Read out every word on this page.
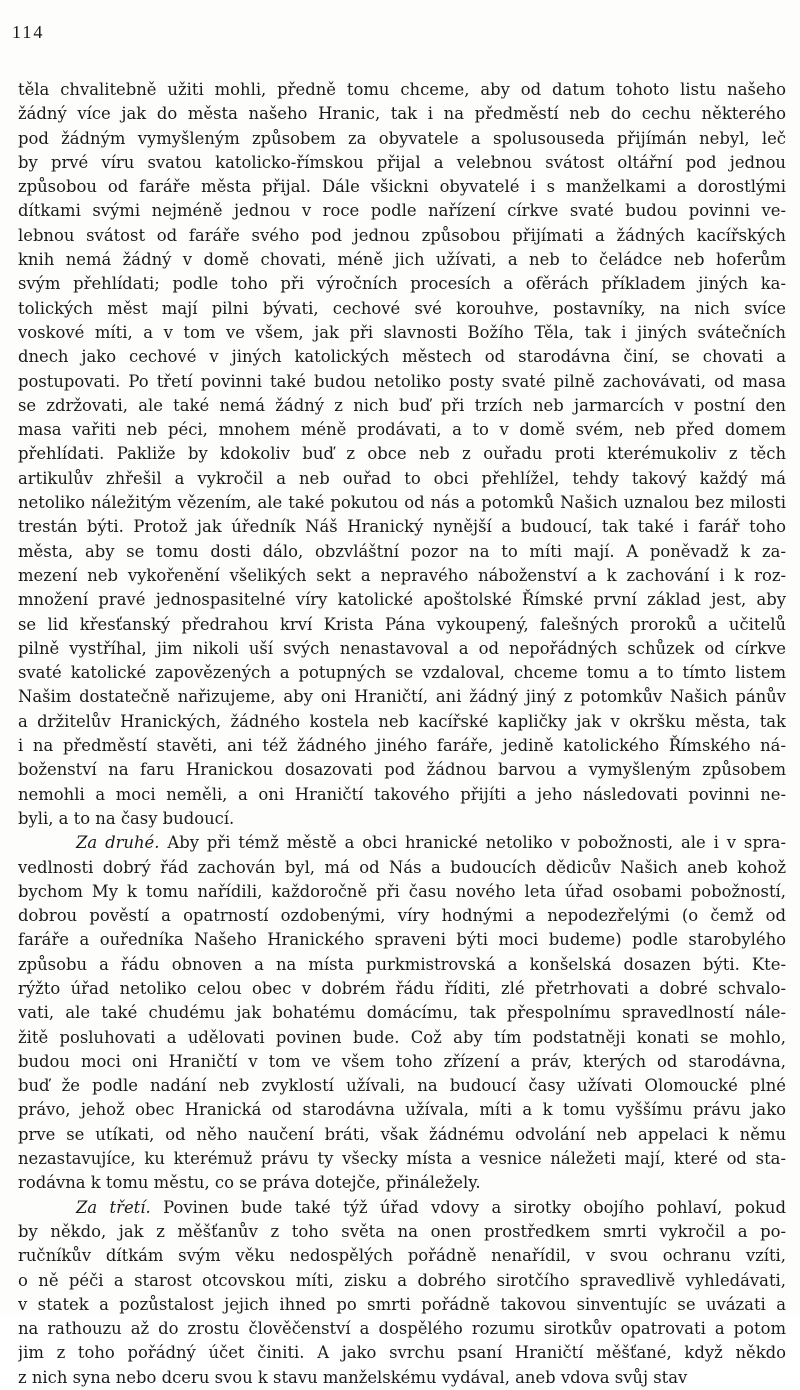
114
těla chvalitebně užiti mohli, předně tomu chceme, aby od datum tohoto listu našeho
žádný více jak do města našeho Hranic, tak i na předměstí neb do cechu některého
pod žádným vymyšleným způsobem za obyvatele a spolusouseda přijímán nebyl, leč
by prvé víru svatou katolicko-římskou přijal a velebnou svátost oltářní pod jednou
způsobou od faráře města přijal. Dále všickni obyvatelé i s manželkami a dorostlými
dítkami svými nejméně jednou v roce podle nařízení církve svaté budou povinni ve-
lebnou svátost od faráře svého pod jednou způsobou přijímati a žádných kacířských
knih nemá žádný v domě chovati, méně jich užívati, a neb to čeládce neb hoferům
svým přehlídati; podle toho při výročních procesích a ofěrách příkladem jiných ka-
tolických měst mají pilni bývati, cechové své korouhve, postavníky, na nich svíce
voskové míti, a v tom ve všem, jak při slavnosti Božího Těla, tak i jiných svátečních
dnech jako cechové v jiných katolických městech od starodávna činí, se chovati a
postupovati. Po třetí povinni také budou netoliko posty svaté pilně zachovávati, od masa
se zdržovati, ale také nemá žádný z nich buď při trzích neb jarmarcích v postní den
masa vařiti neb péci, mnohem méně prodávati, a to v domě svém, neb před domem
přehlídati. Pakliže by kdokoliv buď z obce neb z ouřadu proti kterémukoliv z těch
artikulův zhřešil a vykročil a neb ouřad to obci přehlížel, tehdy takový každý má
netoliko náležitým vězením, ale také pokutou od nás a potomků Našich uznalou bez milosti
trestán býti. Protož jak úředník Náš Hranický nynější a budoucí, tak také i farář toho
města, aby se tomu dosti dálo, obzvláštní pozor na to míti mají. A poněvadž k za-
mezení neb vykořenění všelikých sekt a nepravého náboženství a k zachování i k roz-
množení pravé jednospasitelné víry katolické apoštolské Římské první základ jest, aby
se lid křesťanský předrahou krví Krista Pána vykoupený, falešných proroků a učitelů
pilně vystříhal, jim nikoli uší svých nenastavoval a od nepořádných schůzek od církve
svaté katolické zapovězených a potupných se vzdaloval, chceme tomu a to tímto listem
Našim dostatečně nařizujeme, aby oni Hraničtí, ani žádný jiný z potomkův Našich pánův
a držitelův Hranických, žádného kostela neb kacířské kapličky jak v okršku města, tak
i na předměstí stavěti, ani též žádného jiného faráře, jedině katolického Římského ná-
boženství na faru Hranickou dosazovati pod žádnou barvou a vymyšleným způsobem
nemohli a moci neměli, a oni Hraničtí takového přijíti a jeho následovati povinni ne-
byli, a to na časy budoucí.
Za druhé. Aby při témž městě a obci hranické netoliko v pobožnosti, ale i v spra-
vedlnosti dobrý řád zachován byl, má od Nás a budoucích dědicův Našich aneb kohož
bychom My k tomu nařídili, každoročně při času nového leta úřad osobami pobožností,
dobrou pověstí a opatrností ozdobenými, víry hodnými a nepodezřelými (o čemž od
faráře a ouředníka Našeho Hranického spraveni býti moci budeme) podle starobylého
způsobu a řádu obnoven a na místa purkmistrovská a konšelská dosazen býti. Kte-
rýžto úřad netoliko celou obec v dobrém řádu říditi, zlé přetrhovati a dobré schvalo-
vati, ale také chudému jak bohatému domácímu, tak přespolnímu spravedlností nále-
žitě posluhovati a udělovati povinen bude. Což aby tím podstatněji konati se mohlo,
budou moci oni Hraničtí v tom ve všem toho zřízení a práv, kterých od starodávna,
buď že podle nadání neb zvyklostí užívali, na budoucí časy užívati Olomoucké plné
právo, jehož obec Hranická od starodávna užívala, míti a k tomu vyššímu právu jako
prve se utíkati, od něho naučení bráti, však žádnému odvolání neb appelaci k němu
nezastavujíce, ku kterémuž právu ty všecky místa a vesnice náležeti mají, které od sta-
rodávna k tomu městu, co se práva dotejče, přináležely.
Za třetí. Povinen bude také týž úřad vdovy a sirotky obojího pohlaví, pokud
by někdo, jak z měšťanův z toho světa na onen prostředkem smrti vykročil a po-
ručníkův dítkám svým věku nedospělých pořádně nenařídil, v svou ochranu vzíti,
o ně péči a starost otcovskou míti, zisku a dobrého sirotčího spravedlivě vyhledávati,
v statek a pozůstalost jejich ihned po smrti pořádně takovou sinventujíc se uvázati a
na rathouzu až do zrostu člověčenství a dospělého rozumu sirotkův opatrovati a potom
jim z toho pořádný účet činiti. A jako svrchu psaní Hraničtí měšťané, když někdo
z nich syna nebo dceru svou k stavu manželskému vydával, aneb vdova svůj stav
